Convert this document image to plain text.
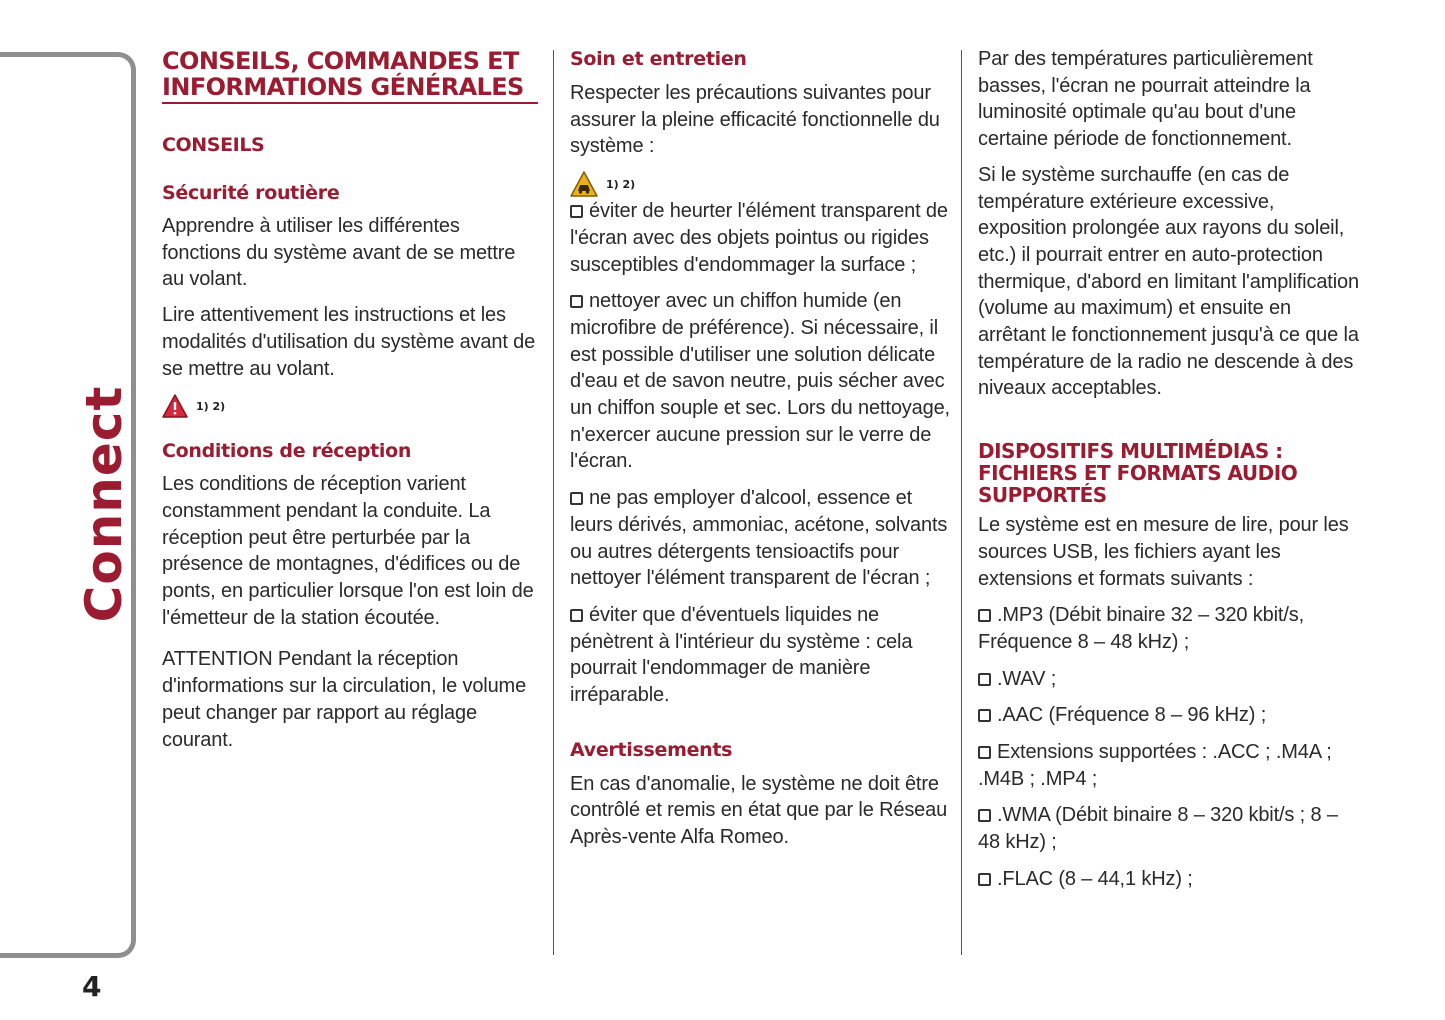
Connect
4
CONSEILS, COMMANDES ET INFORMATIONS GÉNÉRALES
CONSEILS
Sécurité routière

Apprendre à utiliser les différentes fonctions du système avant de se mettre au volant.

Lire attentivement les instructions et les modalités d'utilisation du système avant de se mettre au volant.

1) 2)
Conditions de réception

Les conditions de réception varient constamment pendant la conduite. La réception peut être perturbée par la présence de montagnes, d'édifices ou de ponts, en particulier lorsque l'on est loin de l'émetteur de la station écoutée.

ATTENTION Pendant la réception d'informations sur la circulation, le volume peut changer par rapport au réglage courant.

Soin et entretien

Respecter les précautions suivantes pour assurer la pleine efficacité fonctionnelle du système :

1) 2)

éviter de heurter l'élément transparent de l'écran avec des objets pointus ou rigides susceptibles d'endommager la surface ;

nettoyer avec un chiffon humide (en microfibre de préférence). Si nécessaire, il est possible d'utiliser une solution délicate d'eau et de savon neutre, puis sécher avec un chiffon souple et sec. Lors du nettoyage, n'exercer aucune pression sur le verre de l'écran.

ne pas employer d'alcool, essence et leurs dérivés, ammoniac, acétone, solvants ou autres détergents tensioactifs pour nettoyer l'élément transparent de l'écran ;

éviter que d'éventuels liquides ne pénètrent à l'intérieur du système : cela pourrait l'endommager de manière irréparable.

Avertissements

En cas d'anomalie, le système ne doit être contrôlé et remis en état que par le Réseau Après-vente Alfa Romeo.

Par des températures particulièrement basses, l'écran ne pourrait atteindre la luminosité optimale qu'au bout d'une certaine période de fonctionnement.

Si le système surchauffe (en cas de température extérieure excessive, exposition prolongée aux rayons du soleil, etc.) il pourrait entrer en auto-protection thermique, d'abord en limitant l'amplification (volume au maximum) et ensuite en arrêtant le fonctionnement jusqu'à ce que la température de la radio ne descende à des niveaux acceptables.

DISPOSITIFS MULTIMÉDIAS : FICHIERS ET FORMATS AUDIO SUPPORTÉS

Le système est en mesure de lire, pour les sources USB, les fichiers ayant les extensions et formats suivants :

.MP3 (Débit binaire 32 – 320 kbit/s, Fréquence 8 – 48 kHz) ;

.WAV ;

.AAC (Fréquence 8 – 96 kHz) ;

Extensions supportées : .ACC ; .M4A ; .M4B ; .MP4 ;

.WMA (Débit binaire 8 – 320 kbit/s ; 8 – 48 kHz) ;

.FLAC (8 – 44,1 kHz) ;
